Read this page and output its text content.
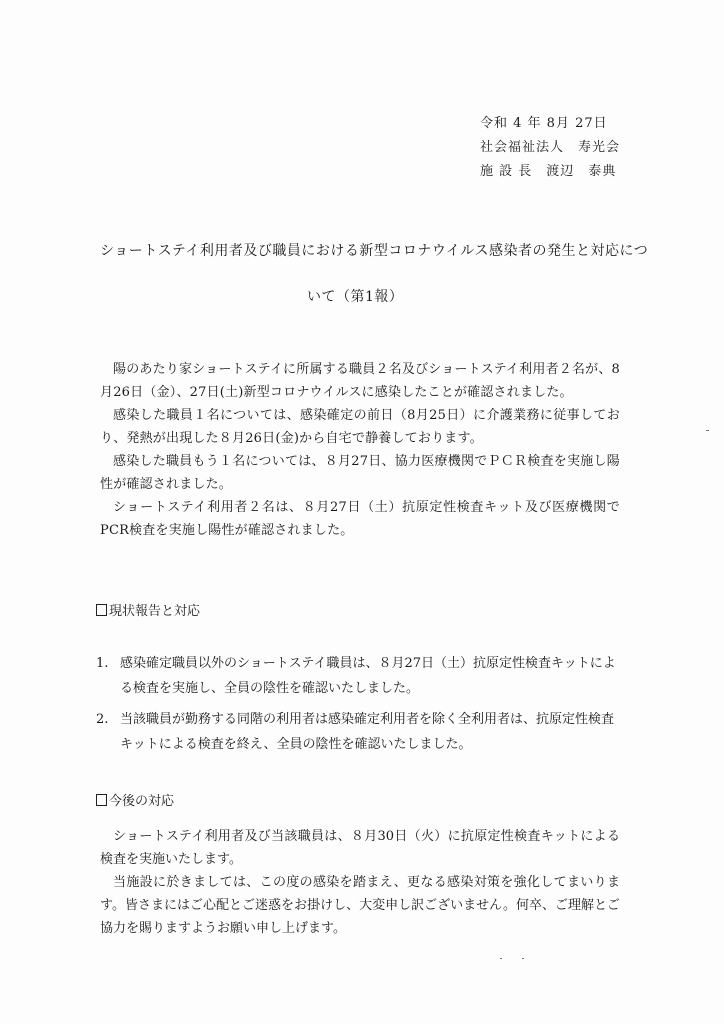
令和 4 年 8月 27日
社会福祉法人　寿光会
施 設 長　渡辺　泰典
ショートステイ利用者及び職員における新型コロナウイルス感染者の発生と対応につ
いて（第1報）

陽のあたり家ショートステイに所属する職員２名及びショートステイ利用者２名が、8月26日（金）、27日(土)新型コロナウイルスに感染したことが確認されました。

感染した職員１名については、感染確定の前日（8月25日）に介護業務に従事しており、発熱が出現した８月26日(金)から自宅で静養しております。

感染した職員もう１名については、８月27日、協力医療機関でＰＣＲ検査を実施し陽性が確認されました。

ショートステイ利用者２名は、８月27日（土）抗原定性検査キット及び医療機関でPCR検査を実施し陽性が確認されました。

現状報告と対応
1. 感染確定職員以外のショートステイ職員は、８月27日（土）抗原定性検査キットによる検査を実施し、全員の陰性を確認いたしました。
2. 当該職員が勤務する同階の利用者は感染確定利用者を除く全利用者は、抗原定性検査キットによる検査を終え、全員の陰性を確認いたしました。
今後の対応

ショートステイ利用者及び当該職員は、８月30日（火）に抗原定性検査キットによる検査を実施いたします。

当施設に於きましては、この度の感染を踏まえ、更なる感染対策を強化してまいります。皆さまにはご心配とご迷惑をお掛けし、大変申し訳ございません。何卒、ご理解とご協力を賜りますようお願い申し上げます。
